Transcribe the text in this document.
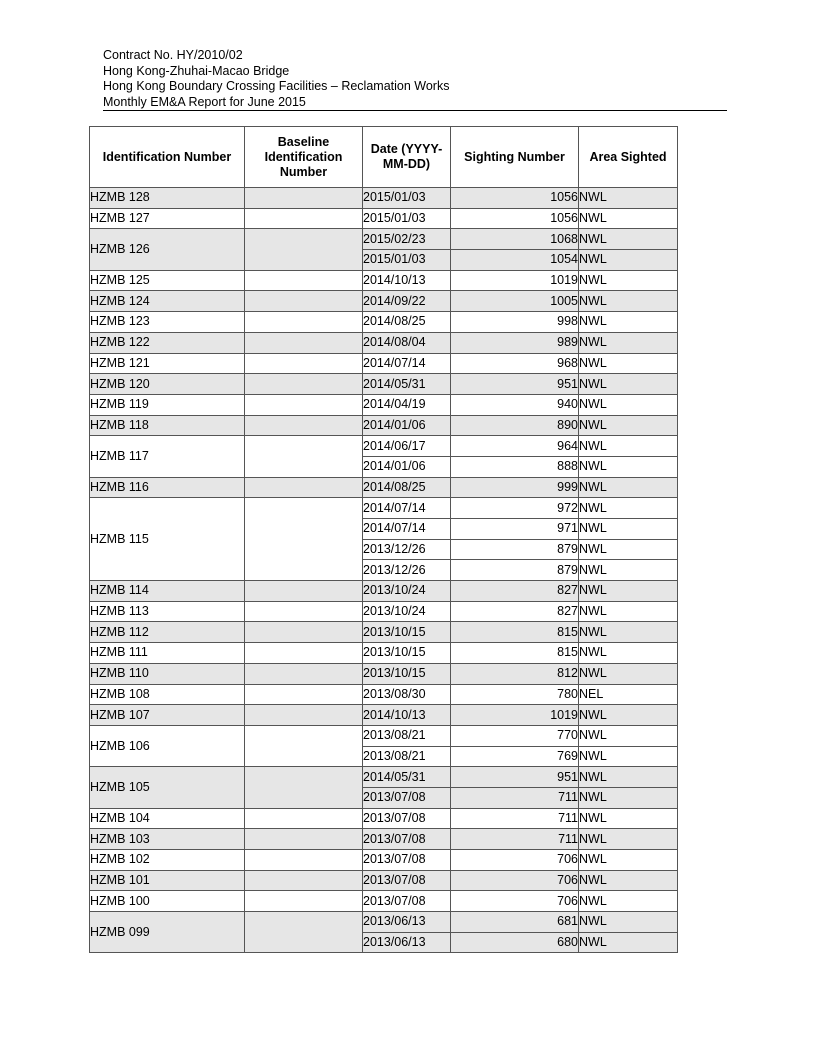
Contract No. HY/2010/02
Hong Kong-Zhuhai-Macao Bridge
Hong Kong Boundary Crossing Facilities – Reclamation Works
Monthly EM&A Report for June 2015
Identification Number	Baseline Identification Number	Date (YYYY-MM-DD)	Sighting Number	Area Sighted
HZMB 128		2015/01/03	1056	NWL
HZMB 127		2015/01/03	1056	NWL
HZMB 126		2015/02/23	1068	NWL
		2015/01/03	1054	NWL
HZMB 125		2014/10/13	1019	NWL
HZMB 124		2014/09/22	1005	NWL
HZMB 123		2014/08/25	998	NWL
HZMB 122		2014/08/04	989	NWL
HZMB 121		2014/07/14	968	NWL
HZMB 120		2014/05/31	951	NWL
HZMB 119		2014/04/19	940	NWL
HZMB 118		2014/01/06	890	NWL
HZMB 117		2014/06/17	964	NWL
		2014/01/06	888	NWL
HZMB 116		2014/08/25	999	NWL
HZMB 115		2014/07/14	972	NWL
		2014/07/14	971	NWL
		2013/12/26	879	NWL
		2013/12/26	879	NWL
HZMB 114		2013/10/24	827	NWL
HZMB 113		2013/10/24	827	NWL
HZMB 112		2013/10/15	815	NWL
HZMB 111		2013/10/15	815	NWL
HZMB 110		2013/10/15	812	NWL
HZMB 108		2013/08/30	780	NEL
HZMB 107		2014/10/13	1019	NWL
HZMB 106		2013/08/21	770	NWL
		2013/08/21	769	NWL
HZMB 105		2014/05/31	951	NWL
		2013/07/08	711	NWL
HZMB 104		2013/07/08	711	NWL
HZMB 103		2013/07/08	711	NWL
HZMB 102		2013/07/08	706	NWL
HZMB 101		2013/07/08	706	NWL
HZMB 100		2013/07/08	706	NWL
HZMB 099		2013/06/13	681	NWL
		2013/06/13	680	NWL
